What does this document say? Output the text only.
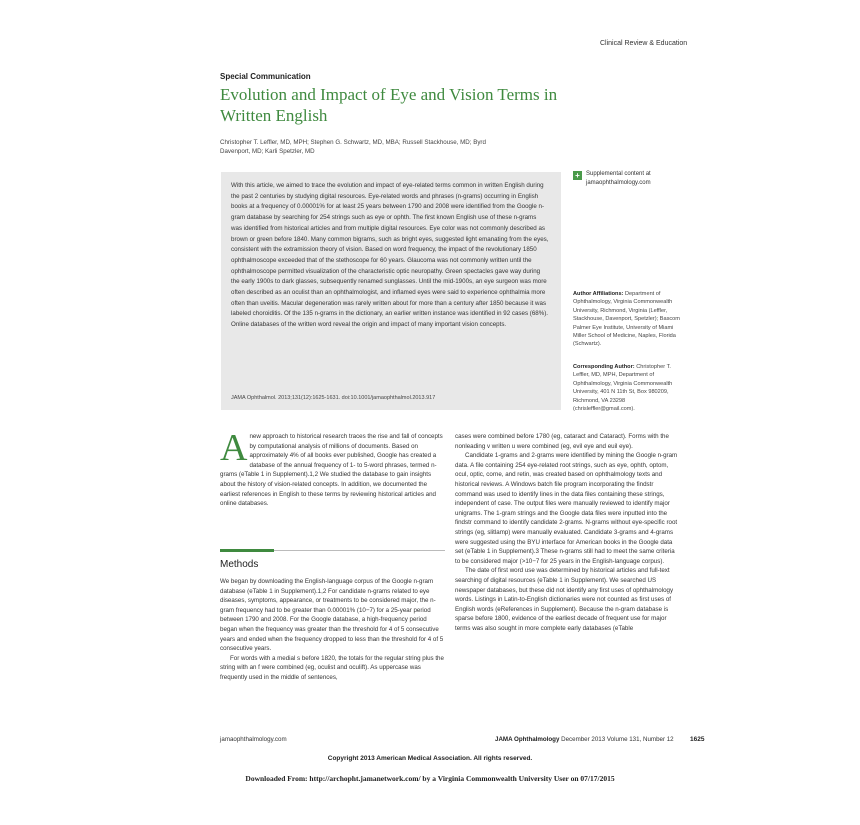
Clinical Review & Education
Special Communication
Evolution and Impact of Eye and Vision Terms in Written English
Christopher T. Leffler, MD, MPH; Stephen G. Schwartz, MD, MBA; Russell Stackhouse, MD; Byrd Davenport, MD; Karli Spetzler, MD
With this article, we aimed to trace the evolution and impact of eye-related terms common in written English during the past 2 centuries by studying digital resources. Eye-related words and phrases (n-grams) occurring in English books at a frequency of 0.00001% for at least 25 years between 1790 and 2008 were identified from the Google n-gram database by searching for 254 strings such as eye or ophth. The first known English use of these n-grams was identified from historical articles and from multiple digital resources. Eye color was not commonly described as brown or green before 1840. Many common bigrams, such as bright eyes, suggested light emanating from the eyes, consistent with the extramission theory of vision. Based on word frequency, the impact of the revolutionary 1850 ophthalmoscope exceeded that of the stethoscope for 60 years. Glaucoma was not commonly written until the ophthalmoscope permitted visualization of the characteristic optic neuropathy. Green spectacles gave way during the early 1900s to dark glasses, subsequently renamed sunglasses. Until the mid-1900s, an eye surgeon was more often described as an oculist than an ophthalmologist, and inflamed eyes were said to experience ophthalmia more often than uveitis. Macular degeneration was rarely written about for more than a century after 1850 because it was labeled choroiditis. Of the 135 n-grams in the dictionary, an earlier written instance was identified in 92 cases (68%). Online databases of the written word reveal the origin and impact of many important vision concepts.
JAMA Ophthalmol. 2013;131(12):1625-1631. doi:10.1001/jamaophthalmol.2013.917
+	Supplemental content at jamaophthalmology.com
Author Affiliations: Department of Ophthalmology, Virginia Commonwealth University, Richmond, Virginia (Leffler, Stackhouse, Davenport, Spetzler); Bascom Palmer Eye Institute, University of Miami Miller School of Medicine, Naples, Florida (Schwartz).
Corresponding Author: Christopher T. Leffler, MD, MPH, Department of Ophthalmology, Virginia Commonwealth University, 401 N 11th St, Box 980209, Richmond, VA 23298 (chrisleffler@gmail.com).
Anew approach to historical research traces the rise and fall of concepts by computational analysis of millions of documents. Based on approximately 4% of all books ever published, Google has created a database of the annual frequency of 1- to 5-word phrases, termed n-grams (eTable 1 in Supplement).1,2 We studied the database to gain insights about the history of vision-related concepts. In addition, we documented the earliest references in English to these terms by reviewing historical articles and online databases.
Methods

We began by downloading the English-language corpus of the Google n-gram database (eTable 1 in Supplement).1,2 For candidate n-grams related to eye diseases, symptoms, appearance, or treatments to be considered major, the n-gram frequency had to be greater than 0.00001% (10−7) for a 25-year period between 1790 and 2008. For the Google database, a high-frequency period began when the frequency was greater than the threshold for 4 of 5 consecutive years and ended when the frequency dropped to less than the threshold for 4 of 5 consecutive years.

For words with a medial s before 1820, the totals for the regular string plus the string with an f were combined (eg, oculist and oculift). As uppercase was frequently used in the middle of sentences,

cases were combined before 1780 (eg, cataract and Cataract). Forms with the nonleading v written u were combined (eg, evil eye and euil eye).

Candidate 1-grams and 2-grams were identified by mining the Google n-gram data. A file containing 254 eye-related root strings, such as eye, ophth, optom, ocul, optic, corne, and retin, was created based on ophthalmology texts and historical reviews. A Windows batch file program incorporating the findstr command was used to identify lines in the data files containing these strings, independent of case. The output files were manually reviewed to identify major unigrams. The 1-gram strings and the Google data files were inputted into the findstr command to identify candidate 2-grams. N-grams without eye-specific root strings (eg, slitlamp) were manually evaluated. Candidate 3-grams and 4-grams were suggested using the BYU interface for American books in the Google data set (eTable 1 in Supplement).3 These n-grams still had to meet the same criteria to be considered major (>10−7 for 25 years in the English-language corpus).

The date of first word use was determined by historical articles and full-text searching of digital resources (eTable 1 in Supplement). We searched US newspaper databases, but these did not identify any first uses of ophthalmology words. Listings in Latin-to-English dictionaries were not counted as first uses of English words (eReferences in Supplement). Because the n-gram database is sparse before 1800, evidence of the earliest decade of frequent use for major terms was also sought in more complete early databases (eTable

jamaophthalmology.com	JAMA Ophthalmology December 2013 Volume 131, Number 12	1625
Copyright 2013 American Medical Association. All rights reserved.
Downloaded From: http://archopht.jamanetwork.com/ by a Virginia Commonwealth University User on 07/17/2015
